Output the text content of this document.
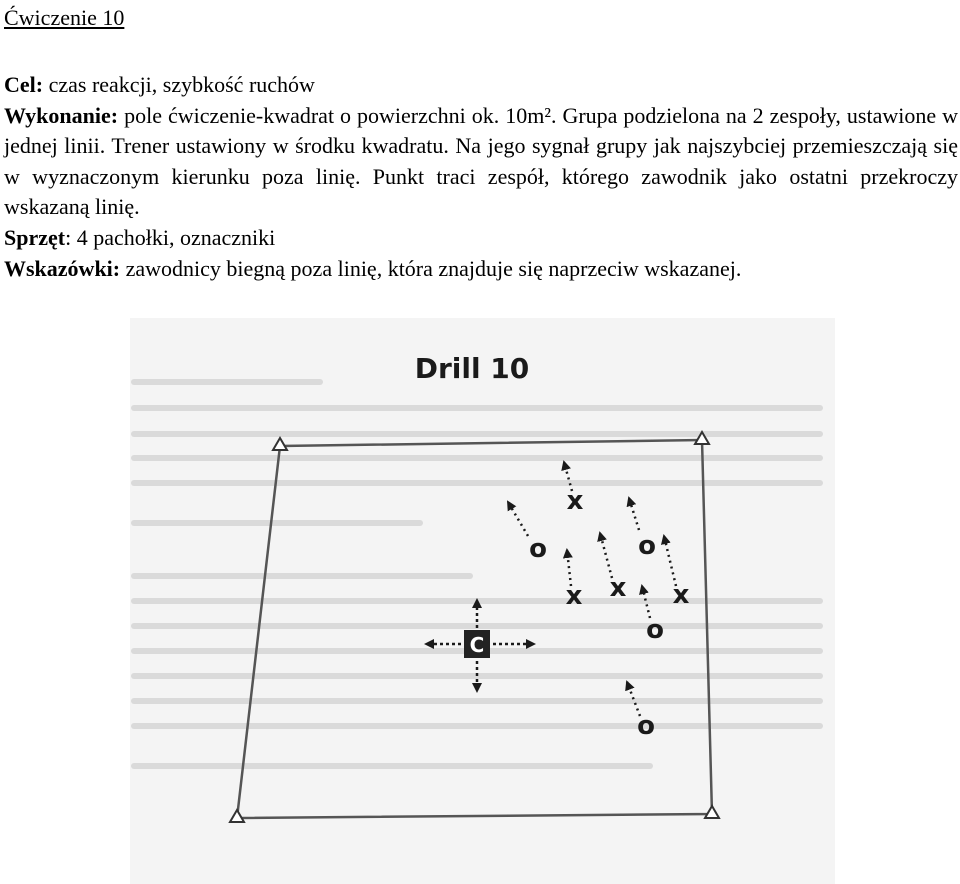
Ćwiczenie 10

Cel: czas reakcji, szybkość ruchów

Wykonanie: pole ćwiczenie-kwadrat o powierzchni ok. 10m². Grupa podzielona na 2 zespoły, ustawione w jednej linii. Trener ustawiony w środku kwadratu. Na jego sygnał grupy jak najszybciej przemieszczają się w wyznaczonym kierunku poza linię. Punkt traci zespół, którego zawodnik jako ostatni przekroczy wskazaną linię.

Sprzęt: 4 pachołki, oznaczniki

Wskazówki: zawodnicy biegną poza linię, która znajduje się naprzeciw wskazanej.

Drill 10
C
x
x x x
o	o
o
o
